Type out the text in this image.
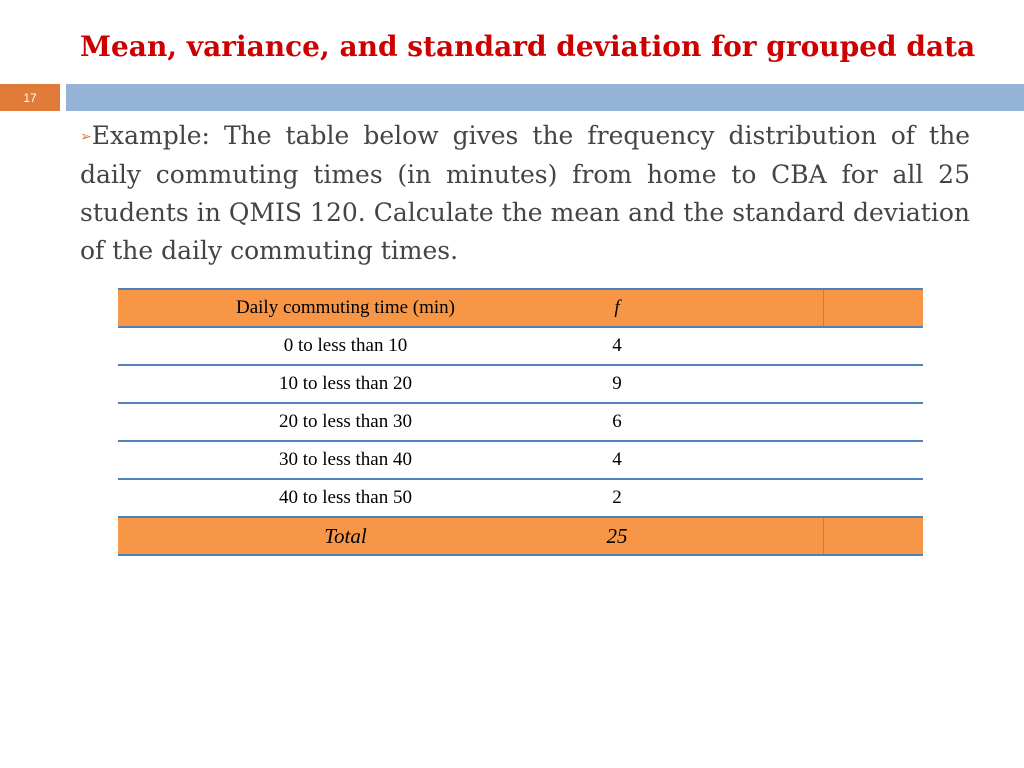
Mean, variance, and standard deviation for grouped data
17

➢Example: The table below gives the frequency distribution of the daily commuting times (in minutes) from home to CBA for all 25 students in QMIS 120. Calculate the mean and the standard deviation of the daily commuting times.

Daily commuting time (min)	f		
0 to less than 10	4		
10 to less than 20	9		
20 to less than 30	6		
30 to less than 40	4		
40 to less than 50	2		
Total	25		
